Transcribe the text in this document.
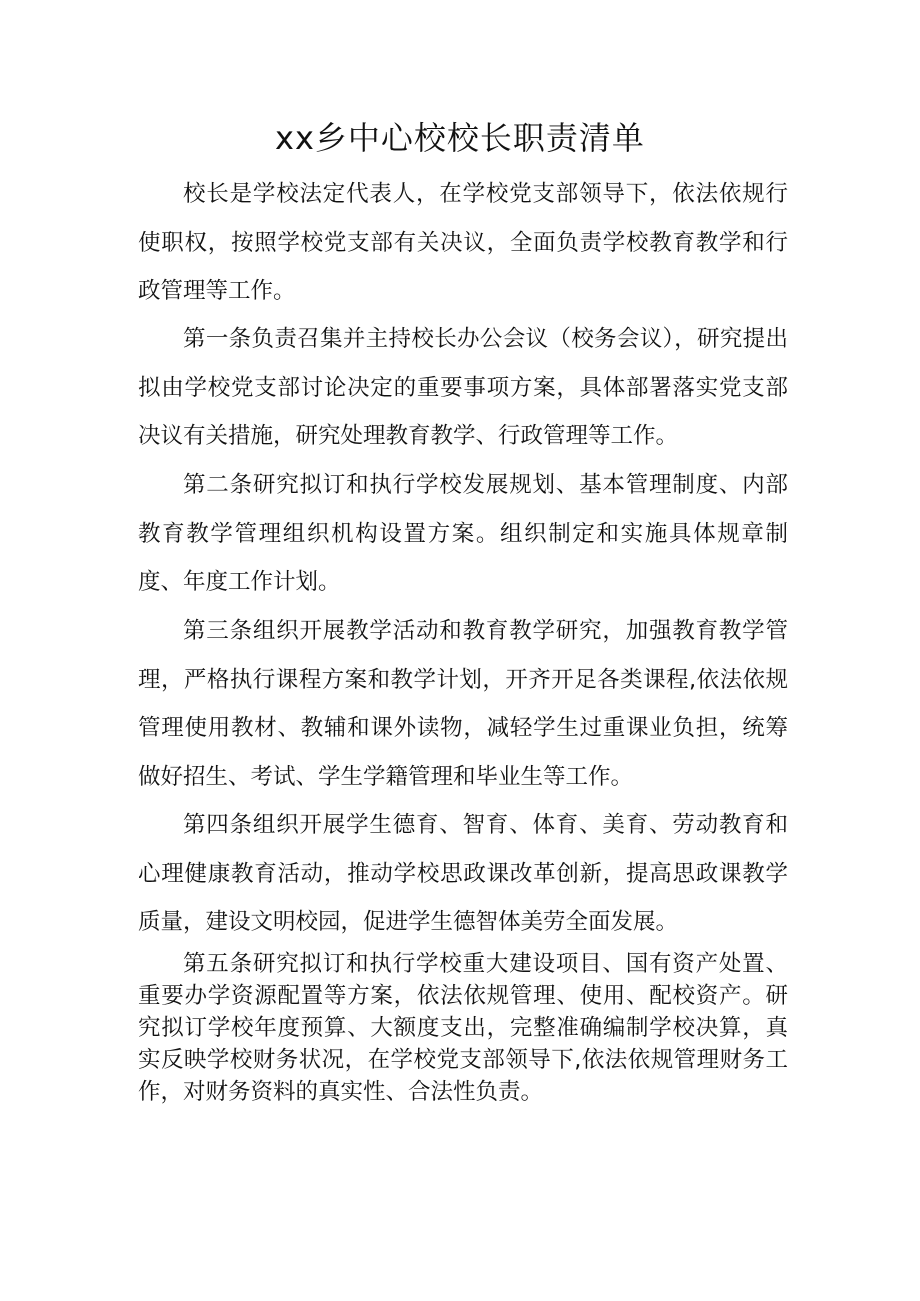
xx乡中心校校长职责清单

校长是学校法定代表人，在学校党支部领导下，依法依规行使职权，按照学校党支部有关决议，全面负责学校教育教学和行政管理等工作。

第一条负责召集并主持校长办公会议（校务会议），研究提出拟由学校党支部讨论决定的重要事项方案，具体部署落实党支部决议有关措施，研究处理教育教学、行政管理等工作。

第二条研究拟订和执行学校发展规划、基本管理制度、内部教育教学管理组织机构设置方案。组织制定和实施具体规章制度、年度工作计划。

第三条组织开展教学活动和教育教学研究，加强教育教学管理，严格执行课程方案和教学计划，开齐开足各类课程,依法依规管理使用教材、教辅和课外读物，减轻学生过重课业负担，统筹做好招生、考试、学生学籍管理和毕业生等工作。

第四条组织开展学生德育、智育、体育、美育、劳动教育和心理健康教育活动，推动学校思政课改革创新，提高思政课教学质量，建设文明校园，促进学生德智体美劳全面发展。

第五条研究拟订和执行学校重大建设项目、国有资产处置、重要办学资源配置等方案，依法依规管理、使用、配校资产。研究拟订学校年度预算、大额度支出，完整准确编制学校决算，真实反映学校财务状况，在学校党支部领导下,依法依规管理财务工作，对财务资料的真实性、合法性负责。
